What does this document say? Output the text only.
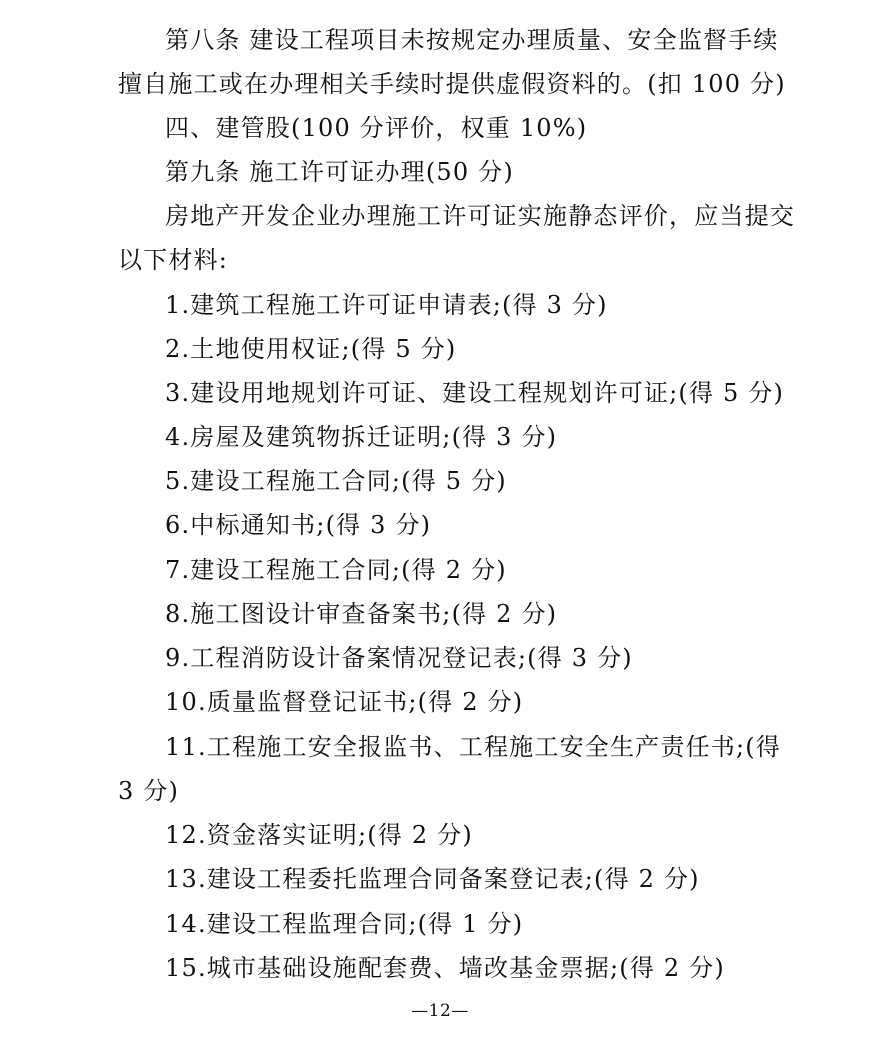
第八条 建设工程项目未按规定办理质量、安全监督手续
擅自施工或在办理相关手续时提供虚假资料的。(扣 100 分)
四、建管股(100 分评价，权重 10%)
第九条 施工许可证办理(50 分)
房地产开发企业办理施工许可证实施静态评价，应当提交
以下材料:
1.建筑工程施工许可证申请表;(得 3 分)
2.土地使用权证;(得 5 分)
3.建设用地规划许可证、建设工程规划许可证;(得 5 分)
4.房屋及建筑物拆迁证明;(得 3 分)
5.建设工程施工合同;(得 5 分)
6.中标通知书;(得 3 分)
7.建设工程施工合同;(得 2 分)
8.施工图设计审查备案书;(得 2 分)
9.工程消防设计备案情况登记表;(得 3 分)
10.质量监督登记证书;(得 2 分)
11.工程施工安全报监书、工程施工安全生产责任书;(得
3 分)
12.资金落实证明;(得 2 分)
13.建设工程委托监理合同备案登记表;(得 2 分)
14.建设工程监理合同;(得 1 分)
15.城市基础设施配套费、墙改基金票据;(得 2 分)
—12—
